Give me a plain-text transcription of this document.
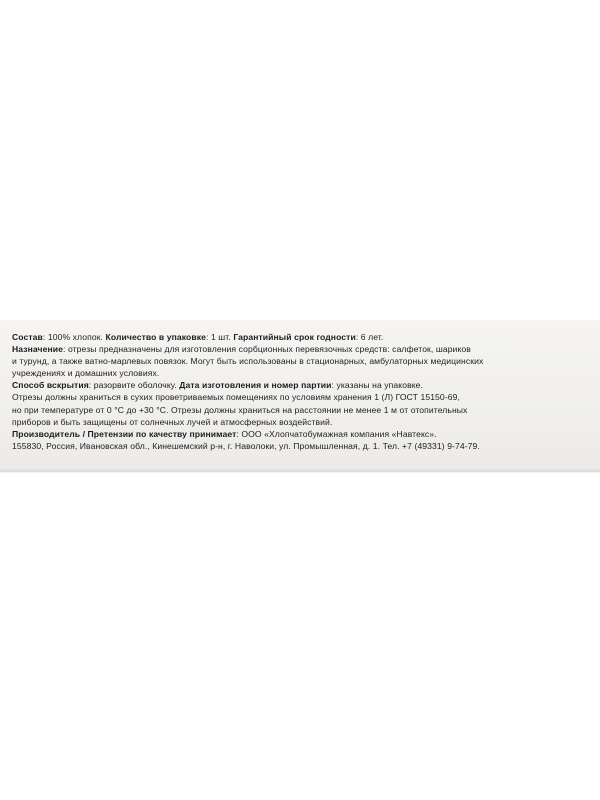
Состав: 100% хлопок. Количество в упаковке: 1 шт. Гарантийный срок годности: 6 лет.
Назначение: отрезы предназначены для изготовления сорбционных перевязочных средств: салфеток, шариков
и турунд, а также ватно-марлевых повязок. Могут быть использованы в стационарных, амбулаторных медицинских
учреждениях и домашних условиях.
Способ вскрытия: разорвите оболочку. Дата изготовления и номер партии: указаны на упаковке.
Отрезы должны храниться в сухих проветриваемых помещениях по условиям хранения 1 (Л) ГОСТ 15150-69,
но при температуре от 0 °С до +30 °С. Отрезы должны храниться на расстоянии не менее 1 м от отопительных
приборов и быть защищены от солнечных лучей и атмосферных воздействий.
Производитель / Претензии по качеству принимает: ООО «Хлопчатобумажная компания «Навтекс».
155830, Россия, Ивановская обл., Кинешемский р-н, г. Наволоки, ул. Промышленная, д. 1. Тел. +7 (49331) 9-74-79.
